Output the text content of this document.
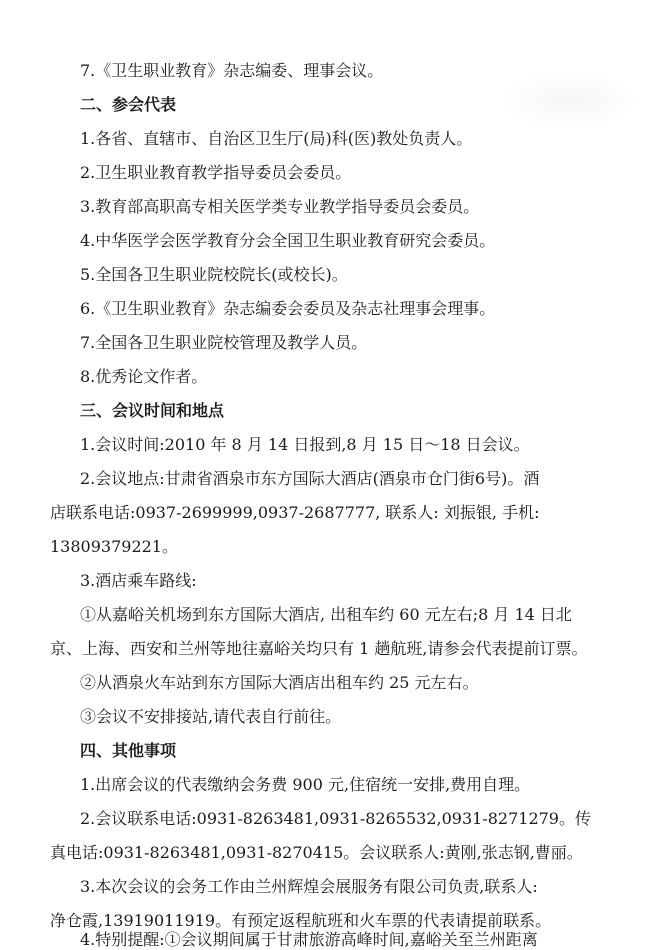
7.《卫生职业教育》杂志编委、理事会议。

二、参会代表

1.各省、直辖市、自治区卫生厅(局)科(医)教处负责人。

2.卫生职业教育教学指导委员会委员。

3.教育部高职高专相关医学类专业教学指导委员会委员。

4.中华医学会医学教育分会全国卫生职业教育研究会委员。

5.全国各卫生职业院校院长(或校长)。

6.《卫生职业教育》杂志编委会委员及杂志社理事会理事。

7.全国各卫生职业院校管理及教学人员。

8.优秀论文作者。

三、会议时间和地点

1.会议时间:2010 年 8 月 14 日报到,8 月 15 日～18 日会议。

2.会议地点:甘肃省酒泉市东方国际大酒店(酒泉市仓门街6号)。酒

店联系电话:0937-2699999,0937-2687777, 联系人: 刘振银, 手机:

13809379221。

3.酒店乘车路线:

①从嘉峪关机场到东方国际大酒店, 出租车约 60 元左右;8 月 14 日北

京、上海、西安和兰州等地往嘉峪关均只有 1 趟航班,请参会代表提前订票。

②从酒泉火车站到东方国际大酒店出租车约 25 元左右。

③会议不安排接站,请代表自行前往。

四、其他事项

1.出席会议的代表缴纳会务费 900 元,住宿统一安排,费用自理。

2.会议联系电话:0931-8263481,0931-8265532,0931-8271279。传

真电话:0931-8263481,0931-8270415。会议联系人:黄刚,张志钢,曹丽。

3.本次会议的会务工作由兰州辉煌会展服务有限公司负责,联系人:

净仓霞,13919011919。有预定返程航班和火车票的代表请提前联系。

4.特别提醒:①会议期间属于甘肃旅游高峰时间,嘉峪关至兰州距离
